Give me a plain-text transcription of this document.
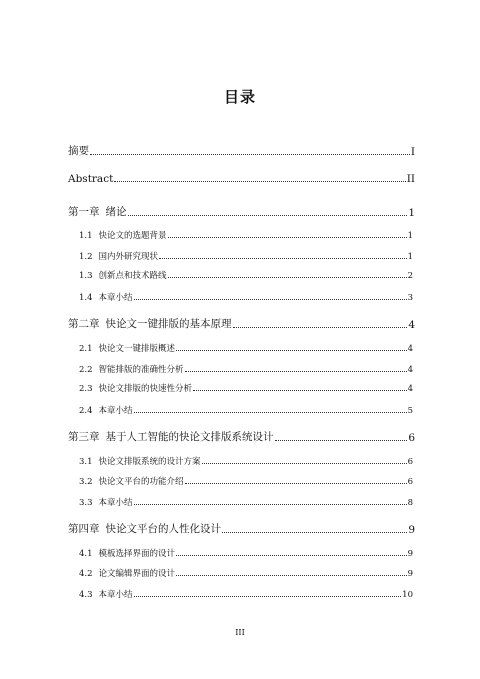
目录
摘要	I
Abstract	II
第一章 绪论	1
1.1 快论文的选题背景	1
1.2 国内外研究现状	1
1.3 创新点和技术路线	2
1.4 本章小结	3
第二章 快论文一键排版的基本原理	4
2.1 快论文一键排版概述	4
2.2 智能排版的准确性分析	4
2.3 快论文排版的快速性分析	4
2.4 本章小结	5
第三章 基于人工智能的快论文排版系统设计	6
3.1 快论文排版系统的设计方案	6
3.2 快论文平台的功能介绍	6
3.3 本章小结	8
第四章 快论文平台的人性化设计	9
4.1 模板选择界面的设计	9
4.2 论文编辑界面的设计	9
4.3 本章小结	10
III
